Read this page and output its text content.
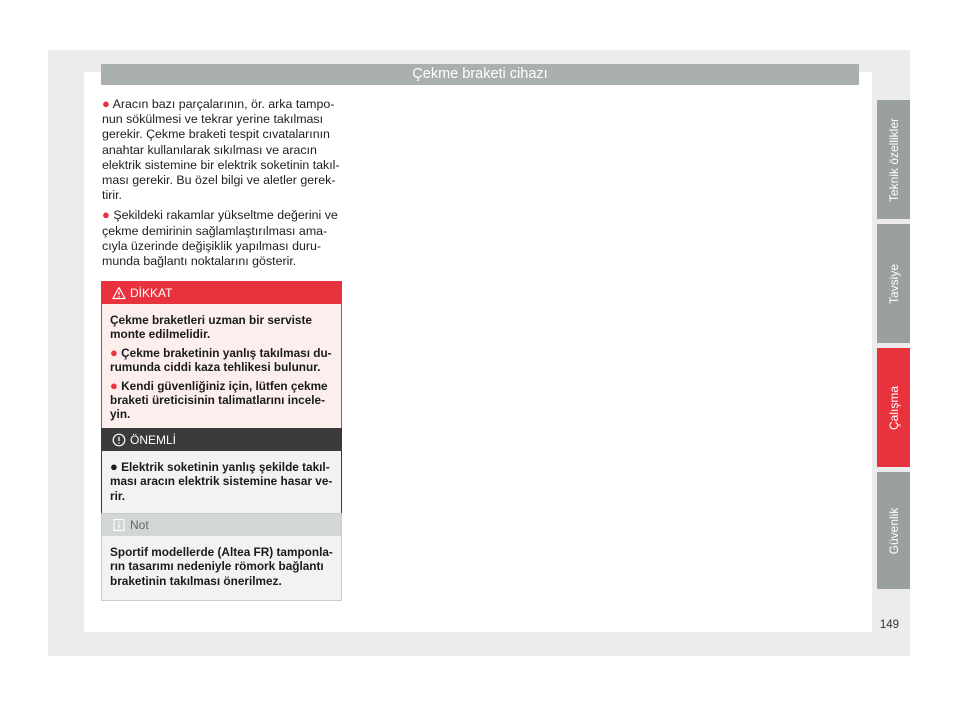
Çekme braketi cihazı

● Aracın bazı parçalarının, ör. arka tampo-nun sökülmesi ve tekrar yerine takılması gerekir. Çekme braketi tespit cıvatalarının anahtar kullanılarak sıkılması ve aracın elektrik sistemine bir elektrik soketinin takıl-ması gerekir. Bu özel bilgi ve aletler gerek-tirir.

● Şekildeki rakamlar yükseltme değerini ve çekme demirinin sağlamlaştırılması ama-cıyla üzerinde değişiklik yapılması duru-munda bağlantı noktalarını gösterir.

DİKKAT

Çekme braketleri uzman bir serviste monte edilmelidir.

● Çekme braketinin yanlış takılması du-rumunda ciddi kaza tehlikesi bulunur.

● Kendi güvenliğiniz için, lütfen çekme braketi üreticisinin talimatlarını incele-yin.

ÖNEMLİ

● Elektrik soketinin yanlış şekilde takıl-ması aracın elektrik sistemine hasar ve-rir.

Not

Sportif modellerde (Altea FR) tamponla-rın tasarımı nedeniyle römork bağlantı braketinin takılması önerilmez.

Teknik özellikler
Tavsiye
Çalışma
Güvenlik
149
